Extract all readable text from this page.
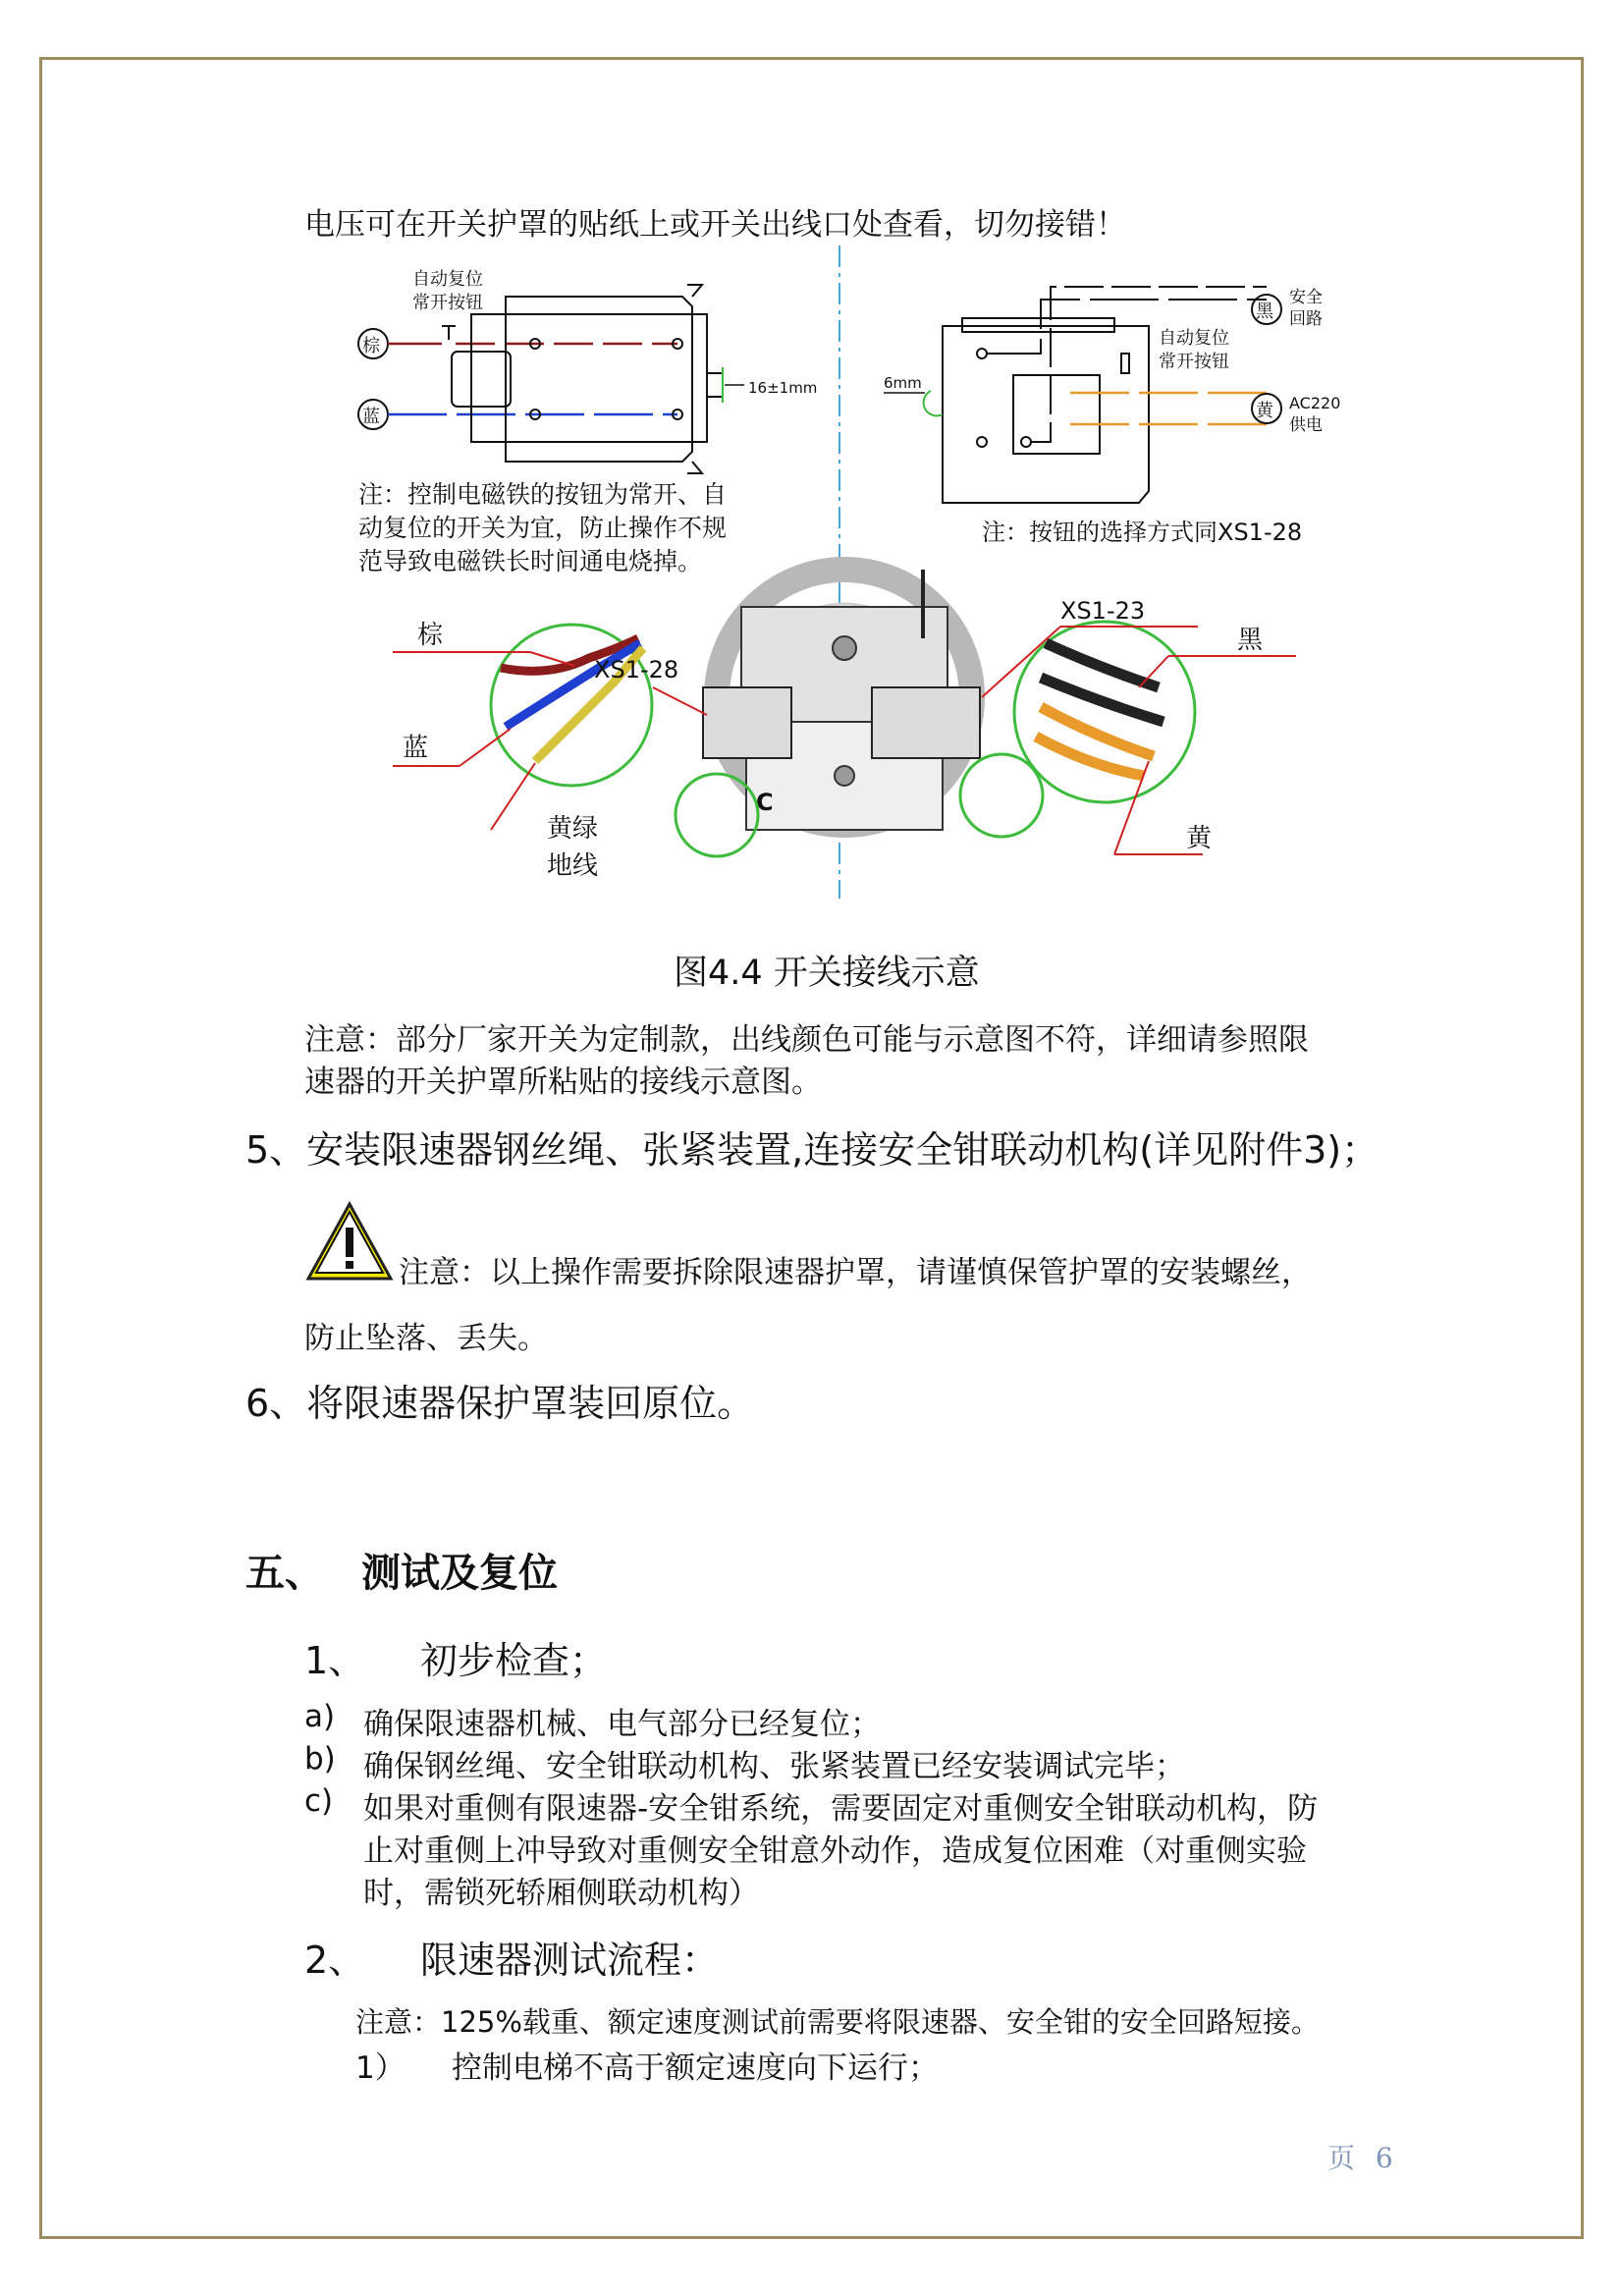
电压可在开关护罩的贴纸上或开关出线口处查看，切勿接错！
自动复位
常开按钮
棕
蓝
16±1mm
注：控制电磁铁的按钮为常开、自
动复位的开关为宜，防止操作不规
范导致电磁铁长时间通电烧掉。
自动复位
常开按钮
黑
黄
安全
回路
AC220
供电
6mm
注：按钮的选择方式同XS1-28
C
棕
蓝
黄绿
地线
XS1-28
XS1-23
黑
黄
图4.4 开关接线示意
注意：部分厂家开关为定制款，出线颜色可能与示意图不符，详细请参照限
速器的开关护罩所粘贴的接线示意图。
5、安装限速器钢丝绳、张紧装置,连接安全钳联动机构(详见附件3)；
注意：以上操作需要拆除限速器护罩，请谨慎保管护罩的安装螺丝，
防止坠落、丢失。
6、将限速器保护罩装回原位。
五、 测试及复位
1、 初步检查；
a) 确保限速器机械、电气部分已经复位；
b) 确保钢丝绳、安全钳联动机构、张紧装置已经安装调试完毕；
c) 如果对重侧有限速器-安全钳系统，需要固定对重侧安全钳联动机构，防
止对重侧上冲导致对重侧安全钳意外动作，造成复位困难（对重侧实验
时，需锁死轿厢侧联动机构）
2、 限速器测试流程：
注意：125%载重、额定速度测试前需要将限速器、安全钳的安全回路短接。
1） 控制电梯不高于额定速度向下运行；
页 6
